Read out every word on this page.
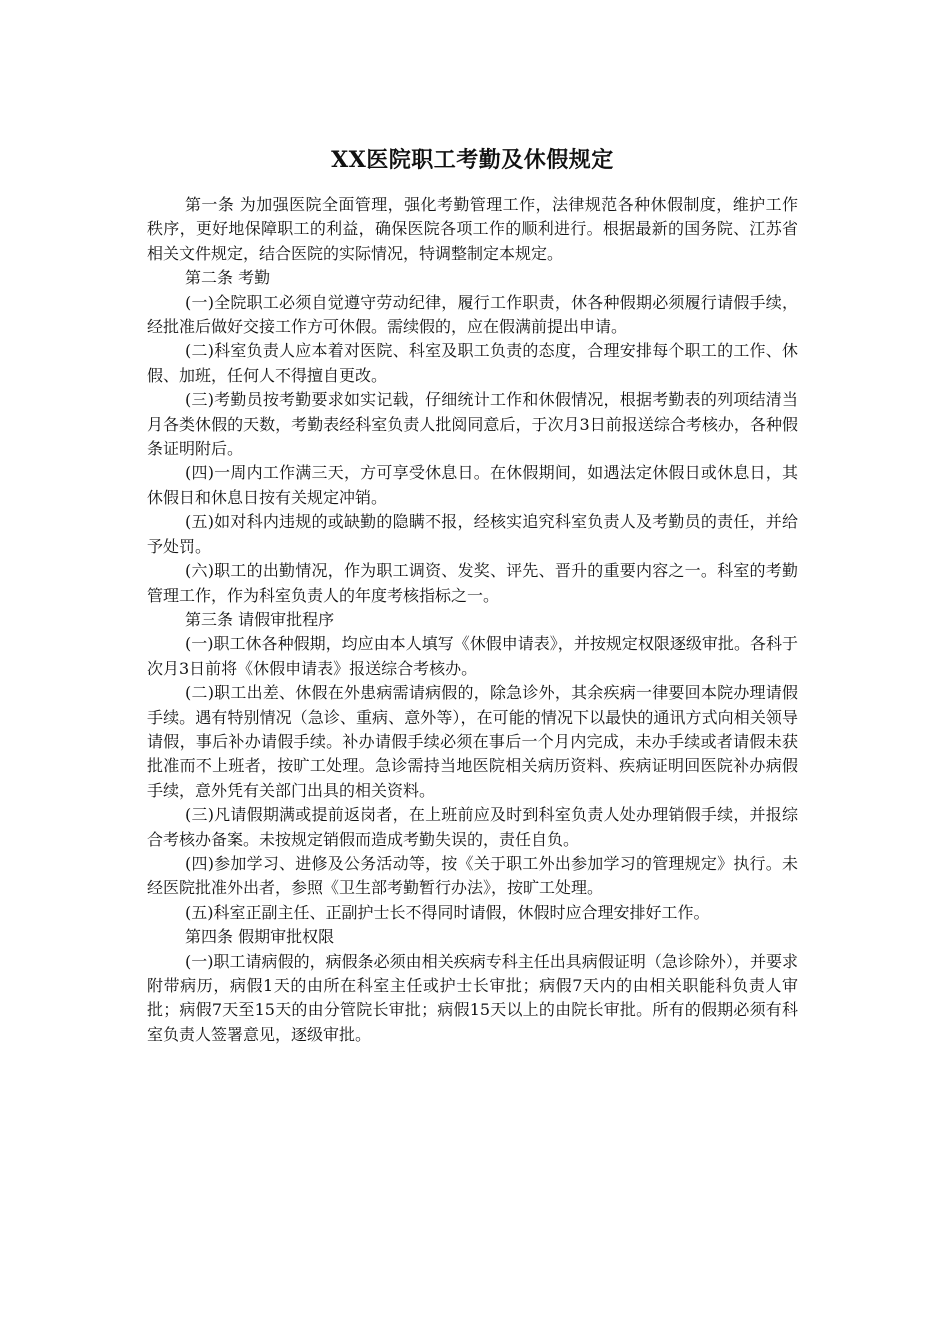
XX医院职工考勤及休假规定

第一条 为加强医院全面管理，强化考勤管理工作，法律规范各种休假制度，维护工作秩序，更好地保障职工的利益，确保医院各项工作的顺利进行。根据最新的国务院、江苏省相关文件规定，结合医院的实际情况，特调整制定本规定。

第二条 考勤

(一)全院职工必须自觉遵守劳动纪律，履行工作职责，休各种假期必须履行请假手续，经批准后做好交接工作方可休假。需续假的，应在假满前提出申请。

(二)科室负责人应本着对医院、科室及职工负责的态度，合理安排每个职工的工作、休假、加班，任何人不得擅自更改。

(三)考勤员按考勤要求如实记载，仔细统计工作和休假情况，根据考勤表的列项结清当月各类休假的天数，考勤表经科室负责人批阅同意后，于次月3日前报送综合考核办，各种假条证明附后。

(四)一周内工作满三天，方可享受休息日。在休假期间，如遇法定休假日或休息日，其休假日和休息日按有关规定冲销。

(五)如对科内违规的或缺勤的隐瞒不报，经核实追究科室负责人及考勤员的责任，并给予处罚。

(六)职工的出勤情况，作为职工调资、发奖、评先、晋升的重要内容之一。科室的考勤管理工作，作为科室负责人的年度考核指标之一。

第三条 请假审批程序

(一)职工休各种假期，均应由本人填写《休假申请表》，并按规定权限逐级审批。各科于次月3日前将《休假申请表》报送综合考核办。

(二)职工出差、休假在外患病需请病假的，除急诊外，其余疾病一律要回本院办理请假手续。遇有特别情况（急诊、重病、意外等），在可能的情况下以最快的通讯方式向相关领导请假，事后补办请假手续。补办请假手续必须在事后一个月内完成，未办手续或者请假未获批准而不上班者，按旷工处理。急诊需持当地医院相关病历资料、疾病证明回医院补办病假手续，意外凭有关部门出具的相关资料。

(三)凡请假期满或提前返岗者，在上班前应及时到科室负责人处办理销假手续，并报综合考核办备案。未按规定销假而造成考勤失误的，责任自负。

(四)参加学习、进修及公务活动等，按《关于职工外出参加学习的管理规定》执行。未经医院批准外出者，参照《卫生部考勤暂行办法》，按旷工处理。

(五)科室正副主任、正副护士长不得同时请假，休假时应合理安排好工作。

第四条 假期审批权限

(一)职工请病假的，病假条必须由相关疾病专科主任出具病假证明（急诊除外），并要求附带病历，病假1天的由所在科室主任或护士长审批；病假7天内的由相关职能科负责人审批；病假7天至15天的由分管院长审批；病假15天以上的由院长审批。所有的假期必须有科室负责人签署意见，逐级审批。
